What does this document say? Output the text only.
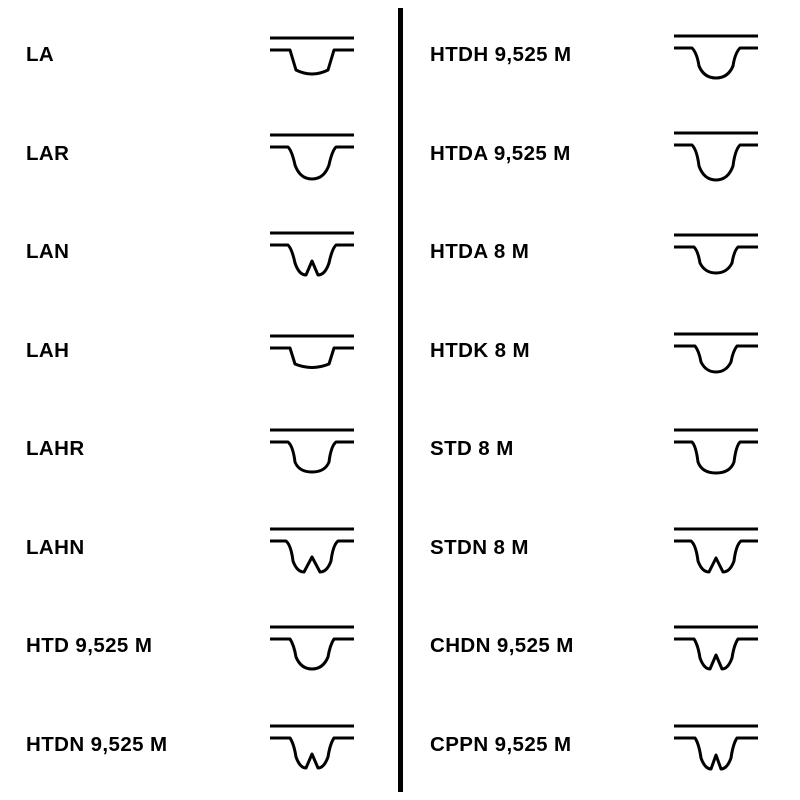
LA
LAR
LAN
LAH
LAHR
LAHN
HTD 9,525 M
HTDN 9,525 M
HTDH 9,525 M
HTDA 9,525 M
HTDA 8 M
HTDK 8 M
STD 8 M
STDN 8 M
CHDN 9,525 M
CPPN 9,525 M
